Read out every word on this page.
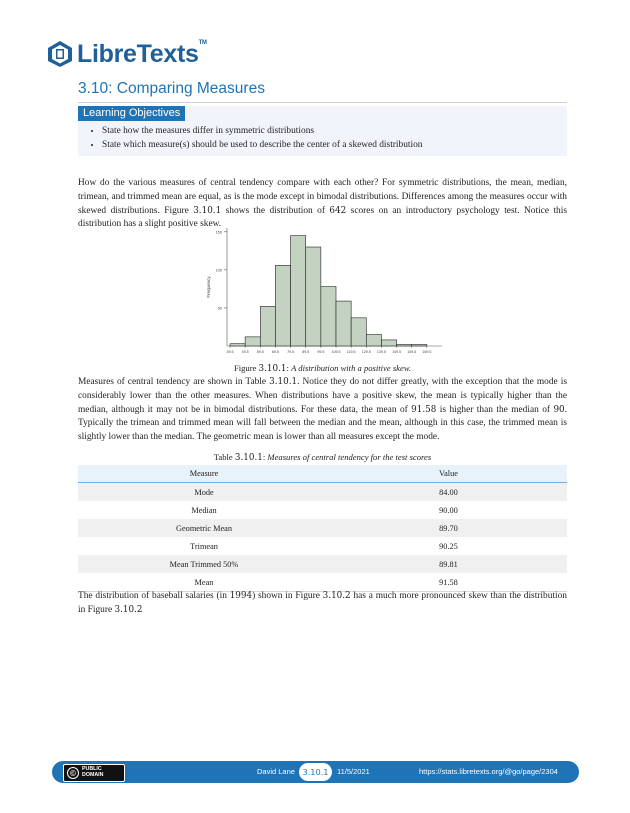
LibreTexts™
3.10: Comparing Measures
Learning Objectives
• State how the measures differ in symmetric distributions
• State which measure(s) should be used to describe the center of a skewed distribution

How do the various measures of central tendency compare with each other? For symmetric distributions, the mean, median, trimean, and trimmed mean are equal, as is the mode except in bimodal distributions. Differences among the measures occur with skewed distributions. Figure 3.10.1 shows the distribution of 642 scores on an introductory psychology test. Notice this distribution has a slight positive skew.

50
100
150
Frequency
39.5 49.5 59.5 69.5 79.5 89.5 99.5 109.5 119.5 129.5 139.5 149.5 159.5 169.5
Figure 3.10.1: A distribution with a positive skew.

Measures of central tendency are shown in Table 3.10.1. Notice they do not differ greatly, with the exception that the mode is considerably lower than the other measures. When distributions have a positive skew, the mean is typically higher than the median, although it may not be in bimodal distributions. For these data, the mean of 91.58 is higher than the median of 90. Typically the trimean and trimmed mean will fall between the median and the mean, although in this case, the trimmed mean is slightly lower than the median. The geometric mean is lower than all measures except the mode.

Table 3.10.1: Measures of central tendency for the test scores
Measure	Value
Mode	84.00
Median	90.00
Geometric Mean	89.70
Trimean	90.25
Mean Trimmed 50%	89.81
Mean	91.58

The distribution of baseball salaries (in 1994) shown in Figure 3.10.2 has a much more pronounced skew than the distribution in Figure 3.10.2

©	PUBLIC
DOMAIN	David Lane 3.10.1	11/5/2021	https://stats.libretexts.org/@go/page/2304
